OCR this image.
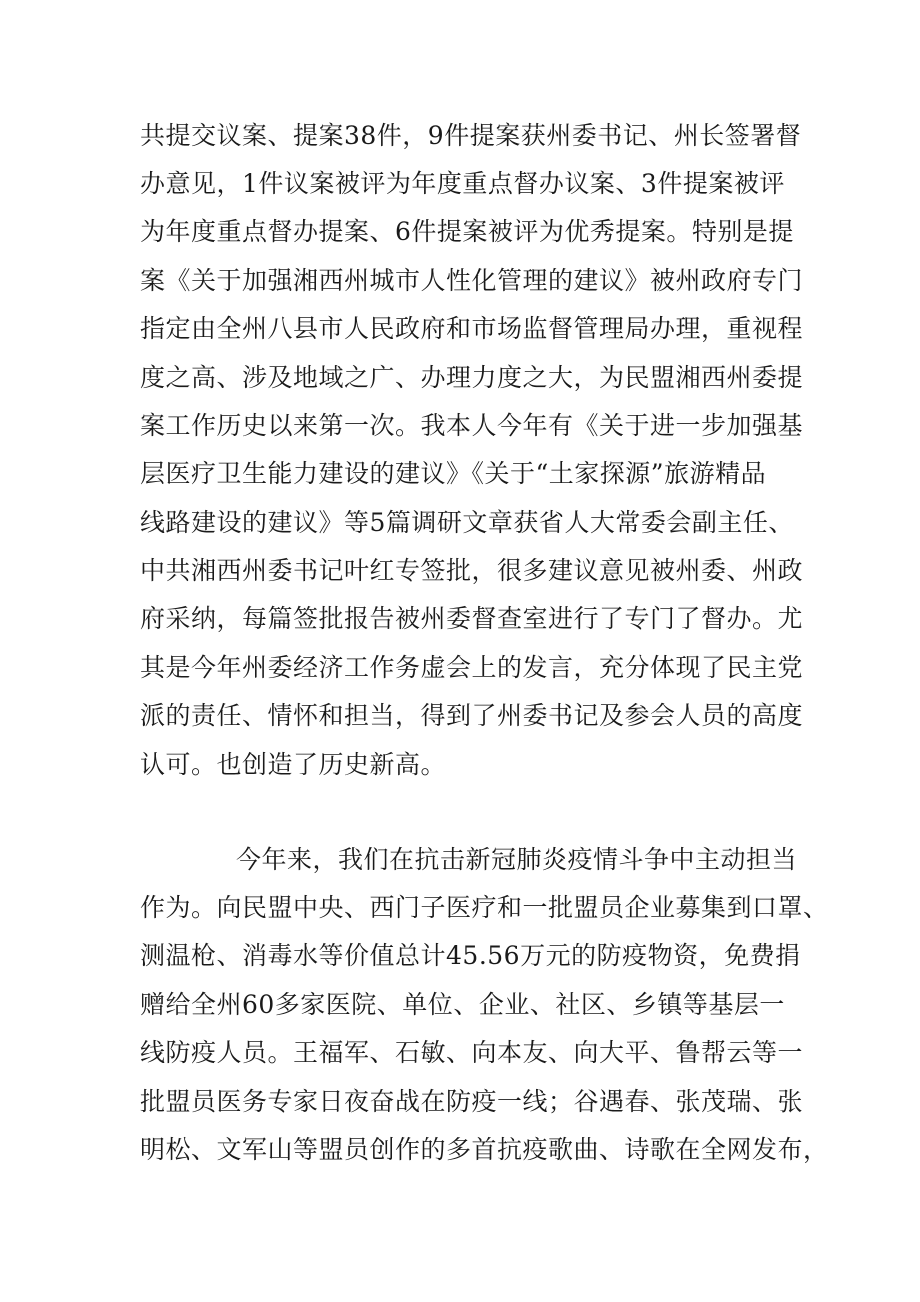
共提交议案、提案38件，9件提案获州委书记、州长签署督
办意见，1件议案被评为年度重点督办议案、3件提案被评
为年度重点督办提案、6件提案被评为优秀提案。特别是提
案《关于加强湘西州城市人性化管理的建议》被州政府专门
指定由全州八县市人民政府和市场监督管理局办理，重视程
度之高、涉及地域之广、办理力度之大，为民盟湘西州委提
案工作历史以来第一次。我本人今年有《关于进一步加强基
层医疗卫生能力建设的建议》《关于“土家探源”旅游精品
线路建设的建议》等5篇调研文章获省人大常委会副主任、
中共湘西州委书记叶红专签批，很多建议意见被州委、州政
府采纳，每篇签批报告被州委督查室进行了专门了督办。尤
其是今年州委经济工作务虚会上的发言，充分体现了民主党
派的责任、情怀和担当，得到了州委书记及参会人员的高度
认可。也创造了历史新高。
今年来，我们在抗击新冠肺炎疫情斗争中主动担当
作为。向民盟中央、西门子医疗和一批盟员企业募集到口罩、
测温枪、消毒水等价值总计45.56万元的防疫物资，免费捐
赠给全州60多家医院、单位、企业、社区、乡镇等基层一
线防疫人员。王福军、石敏、向本友、向大平、鲁帮云等一
批盟员医务专家日夜奋战在防疫一线；谷遇春、张茂瑞、张
明松、文军山等盟员创作的多首抗疫歌曲、诗歌在全网发布，
